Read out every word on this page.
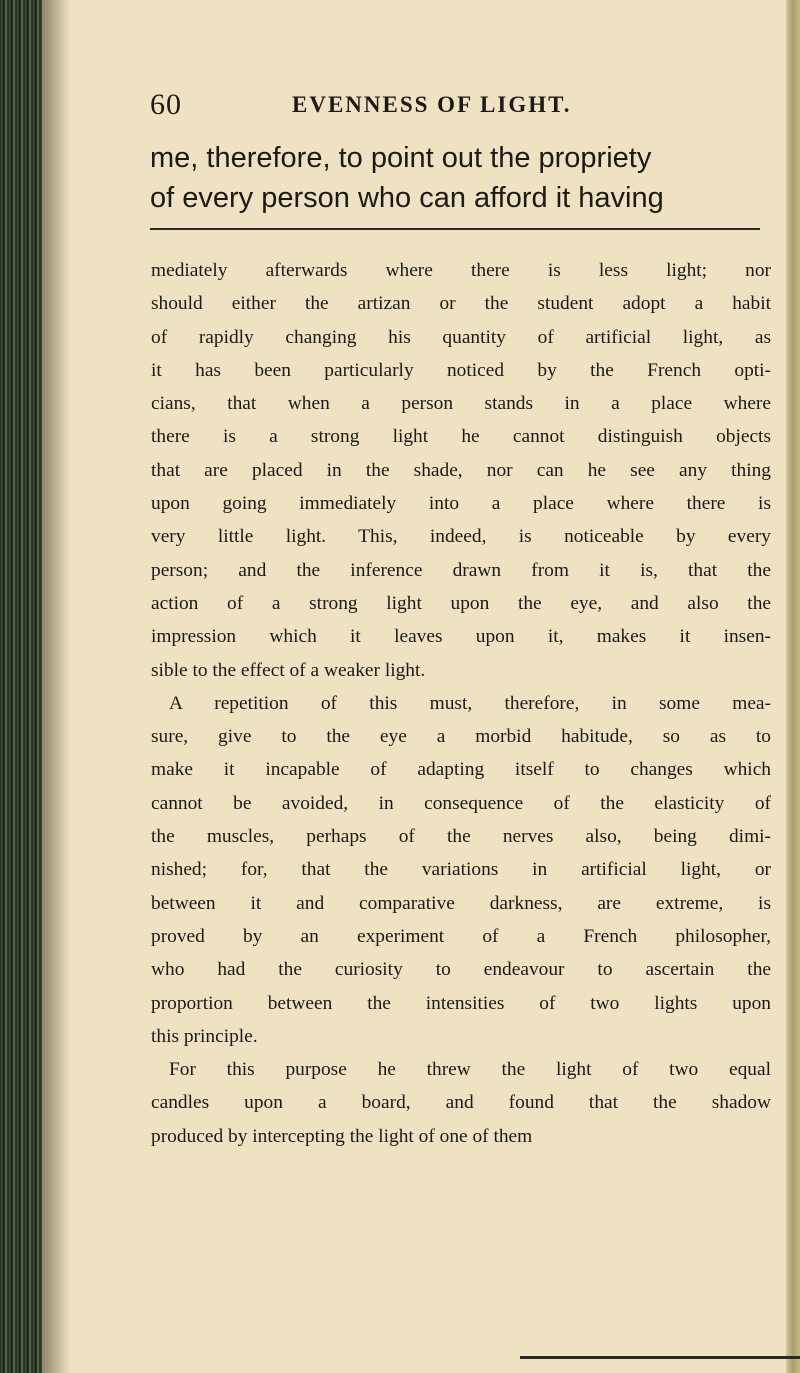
60	EVENNESS OF LIGHT.
me, therefore, to point out the propriety
of every person who can afford it having
mediately afterwards where there is less light; nor
should either the artizan or the student adopt a habit
of rapidly changing his quantity of artificial light, as
it has been particularly noticed by the French opti-
cians, that when a person stands in a place where
there is a strong light he cannot distinguish objects
that are placed in the shade, nor can he see any thing
upon going immediately into a place where there is
very little light. This, indeed, is noticeable by every
person; and the inference drawn from it is, that the
action of a strong light upon the eye, and also the
impression which it leaves upon it, makes it insen-
sible to the effect of a weaker light.
A repetition of this must, therefore, in some mea-
sure, give to the eye a morbid habitude, so as to
make it incapable of adapting itself to changes which
cannot be avoided, in consequence of the elasticity of
the muscles, perhaps of the nerves also, being dimi-
nished; for, that the variations in artificial light, or
between it and comparative darkness, are extreme, is
proved by an experiment of a French philosopher,
who had the curiosity to endeavour to ascertain the
proportion between the intensities of two lights upon
this principle.
For this purpose he threw the light of two equal
candles upon a board, and found that the shadow
produced by intercepting the light of one of them
